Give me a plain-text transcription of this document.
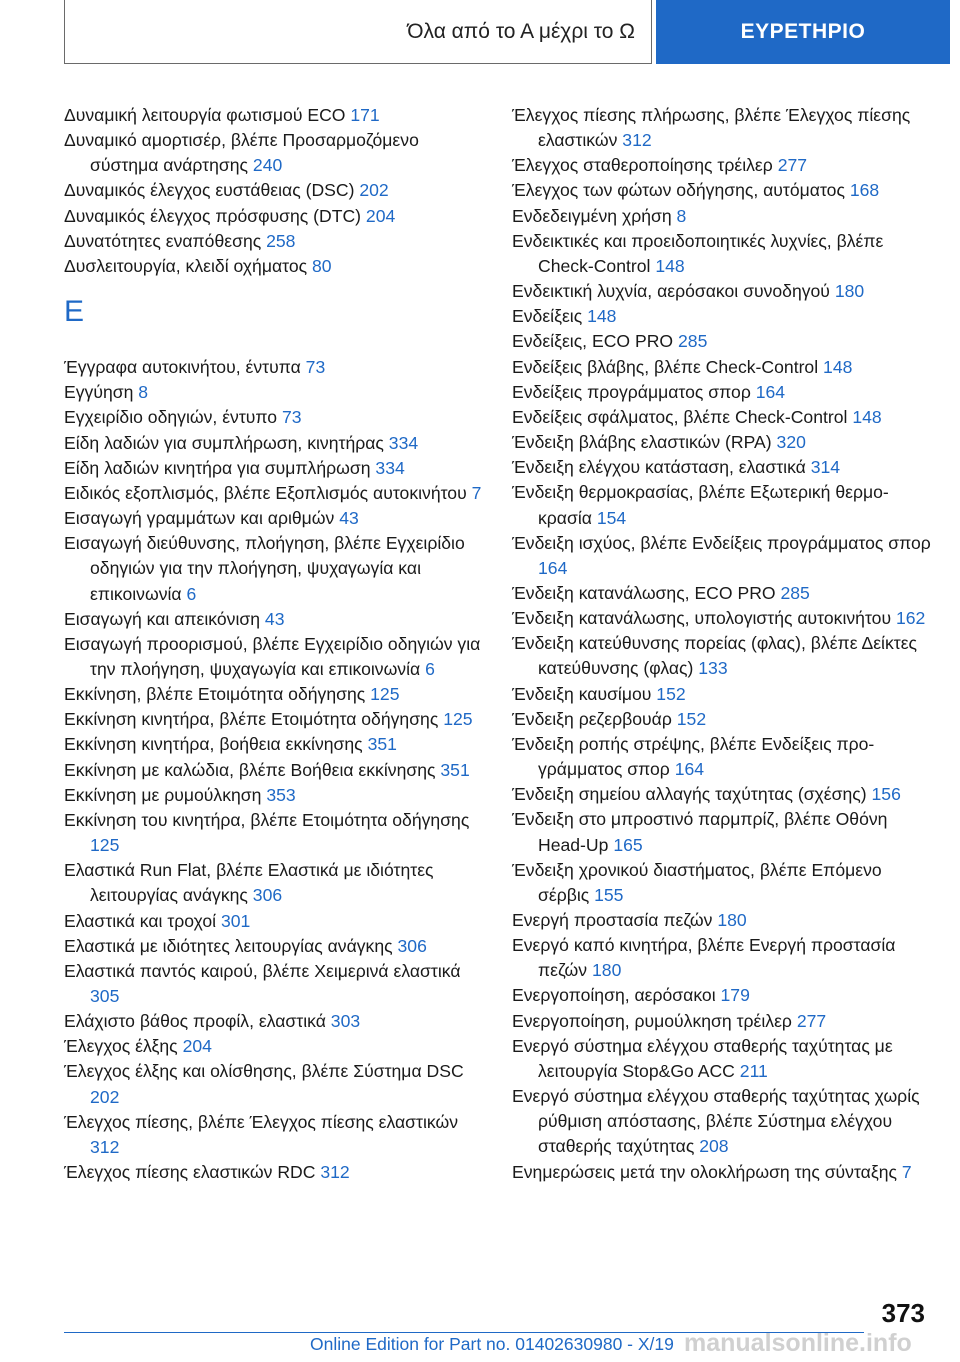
Όλα από το Α μέχρι το Ω	ΕΥΡΕΤΗΡΙΟ
Δυναμική λειτουργία φωτισμού ECO 171
Δυναμικό αμορτισέρ, βλέπε Προσαρμοζόμενο σύστημα ανάρτησης 240
Δυναμικός έλεγχος ευστάθειας (DSC) 202
Δυναμικός έλεγχος πρόσφυσης (DTC) 204
Δυνατότητες εναπόθεσης 258
Δυσλειτουργία, κλειδί οχήματος 80
Ε
Έγγραφα αυτοκινήτου, έντυπα 73
Εγγύηση 8
Εγχειρίδιο οδηγιών, έντυπο 73
Είδη λαδιών για συμπλήρωση, κινητήρας 334
Είδη λαδιών κινητήρα για συμπλήρωση 334
Ειδικός εξοπλισμός, βλέπε Εξοπλισμός αυτοκινήτου 7
Εισαγωγή γραμμάτων και αριθμών 43
Εισαγωγή διεύθυνσης, πλοήγηση, βλέπε Εγχειρίδιο οδηγιών για την πλοήγηση, ψυχαγωγία και επικοινωνία 6
Εισαγωγή και απεικόνιση 43
Εισαγωγή προορισμού, βλέπε Εγχειρίδιο οδηγιών για την πλοήγηση, ψυχαγωγία και επικοινωνία 6
Εκκίνηση, βλέπε Ετοιμότητα οδήγησης 125
Εκκίνηση κινητήρα, βλέπε Ετοιμότητα οδήγησης 125
Εκκίνηση κινητήρα, βοήθεια εκκίνησης 351
Εκκίνηση με καλώδια, βλέπε Βοήθεια εκκίνησης 351
Εκκίνηση με ρυμούλκηση 353
Εκκίνηση του κινητήρα, βλέπε Ετοιμότητα οδήγησης 125
Ελαστικά Run Flat, βλέπε Ελαστικά με ιδιότητες λειτουργίας ανάγκης 306
Ελαστικά και τροχοί 301
Ελαστικά με ιδιότητες λειτουργίας ανάγκης 306
Ελαστικά παντός καιρού, βλέπε Χειμερινά ελαστικά 305
Ελάχιστο βάθος προφίλ, ελαστικά 303
Έλεγχος έλξης 204
Έλεγχος έλξης και ολίσθησης, βλέπε Σύστημα DSC 202
Έλεγχος πίεσης, βλέπε Έλεγχος πίεσης ελαστικών 312
Έλεγχος πίεσης ελαστικών RDC 312
Έλεγχος πίεσης πλήρωσης, βλέπε Έλεγχος πίεσης ελαστικών 312
Έλεγχος σταθεροποίησης τρέιλερ 277
Έλεγχος των φώτων οδήγησης, αυτόματος 168
Ενδεδειγμένη χρήση 8
Ενδεικτικές και προειδοποιητικές λυχνίες, βλέπε Check-Control 148
Ενδεικτική λυχνία, αερόσακοι συνοδηγού 180
Ενδείξεις 148
Ενδείξεις, ECO PRO 285
Ενδείξεις βλάβης, βλέπε Check-Control 148
Ενδείξεις προγράμματος σπορ 164
Ενδείξεις σφάλματος, βλέπε Check-Control 148
Ένδειξη βλάβης ελαστικών (RPA) 320
Ένδειξη ελέγχου κατάσταση, ελαστικά 314
Ένδειξη θερμοκρασίας, βλέπε Εξωτερική θερμοκρασία 154
Ένδειξη ισχύος, βλέπε Ενδείξεις προγράμματος σπορ 164
Ένδειξη κατανάλωσης, ECO PRO 285
Ένδειξη κατανάλωσης, υπολογιστής αυτοκινήτου 162
Ένδειξη κατεύθυνσης πορείας (φλας), βλέπε Δείκτες κατεύθυνσης (φλας) 133
Ένδειξη καυσίμου 152
Ένδειξη ρεζερβουάρ 152
Ένδειξη ροπής στρέψης, βλέπε Ενδείξεις προγράμματος σπορ 164
Ένδειξη σημείου αλλαγής ταχύτητας (σχέσης) 156
Ένδειξη στο μπροστινό παρμπρίζ, βλέπε Οθόνη Head-Up 165
Ένδειξη χρονικού διαστήματος, βλέπε Επόμενο σέρβις 155
Ενεργή προστασία πεζών 180
Ενεργό καπό κινητήρα, βλέπε Ενεργή προστασία πεζών 180
Ενεργοποίηση, αερόσακοι 179
Ενεργοποίηση, ρυμούλκηση τρέιλερ 277
Ενεργό σύστημα ελέγχου σταθερής ταχύτητας με λειτουργία Stop&Go ACC 211
Ενεργό σύστημα ελέγχου σταθερής ταχύτητας χωρίς ρύθμιση απόστασης, βλέπε Σύστημα ελέγχου σταθερής ταχύτητας 208
Ενημερώσεις μετά την ολοκλήρωση της σύνταξης 7
373
Online Edition for Part no. 01402630980 - X/19 manualsonline.info
